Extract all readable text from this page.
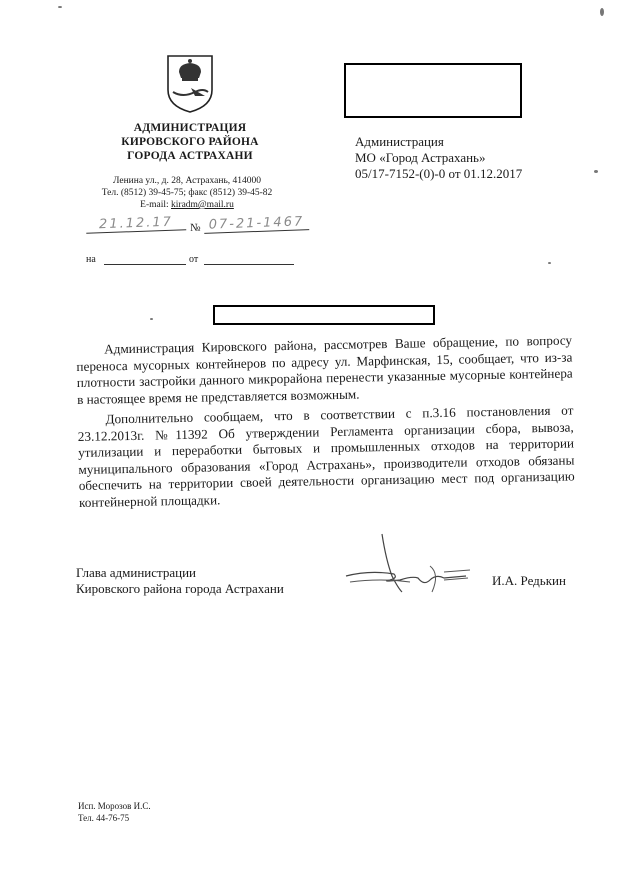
АДМИНИСТРАЦИЯ
КИРОВСКОГО РАЙОНА
ГОРОДА АСТРАХАНИ
Ленина ул., д. 28, Астрахань, 414000
Тел. (8512) 39-45-75; факс (8512) 39-45-82
E-mail: kiradm@mail.ru
21.12.17	№ 07-21-1467
на	от
Администрация
МО «Город Астрахань»
05/17-7152-(0)-0 от 01.12.2017

Администрация Кировского района, рассмотрев Ваше обращение, по вопросу переноса мусорных контейнеров по адресу ул. Марфинская, 15, сообщает, что из-за плотности застройки данного микрорайона перенести указанные мусорные контейнера в настоящее время не представляется возможным.

Дополнительно сообщаем, что в соответствии с п.3.16 постановления от 23.12.2013г. №11392 Об утверждении Регламента организации сбора, вывоза, утилизации и переработки бытовых и промышленных отходов на территории муниципального образования «Город Астрахань», производители отходов обязаны обеспечить на территории своей деятельности организацию мест под организацию контейнерной площадки.

Глава администрации
Кировского района города Астрахани
И.А. Редькин
Исп. Морозов И.С.
Тел. 44-76-75
